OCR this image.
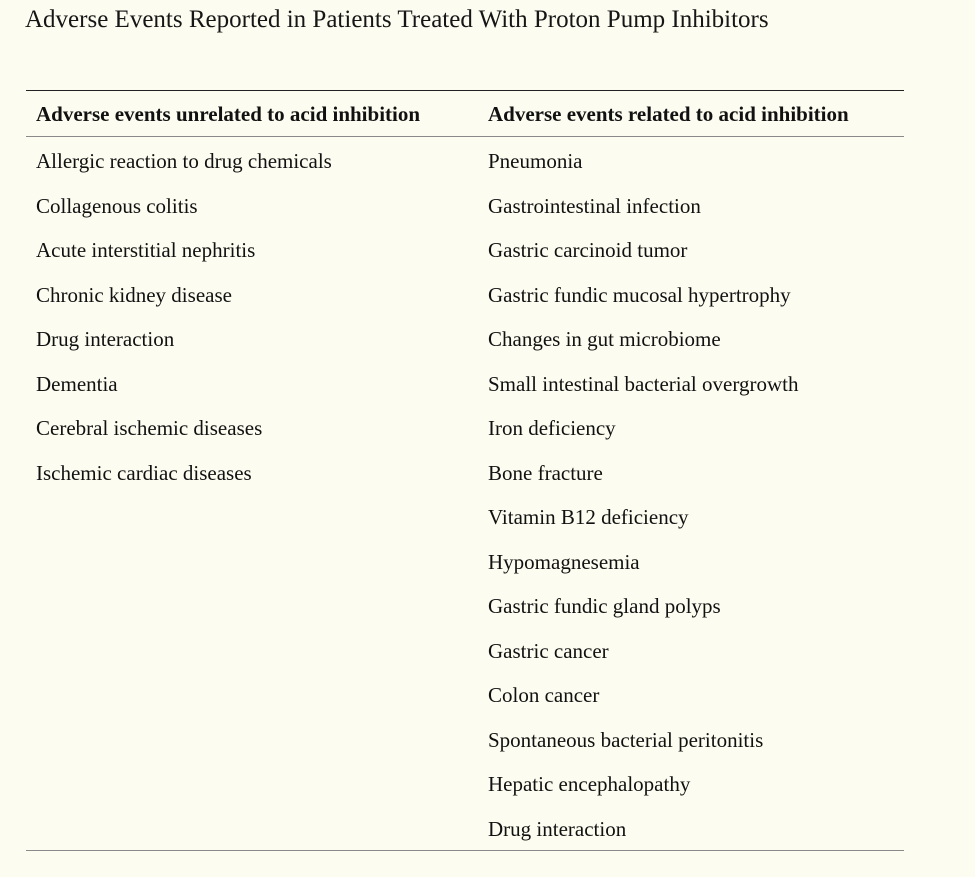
Adverse Events Reported in Patients Treated With Proton Pump Inhibitors
Adverse events unrelated to acid inhibition	Adverse events related to acid inhibition
Allergic reaction to drug chemicals
Collagenous colitis
Acute interstitial nephritis
Chronic kidney disease
Drug interaction
Dementia
Cerebral ischemic diseases
Ischemic cardiac diseases
Pneumonia
Gastrointestinal infection
Gastric carcinoid tumor
Gastric fundic mucosal hypertrophy
Changes in gut microbiome
Small intestinal bacterial overgrowth
Iron deficiency
Bone fracture
Vitamin B12 deficiency
Hypomagnesemia
Gastric fundic gland polyps
Gastric cancer
Colon cancer
Spontaneous bacterial peritonitis
Hepatic encephalopathy
Drug interaction
